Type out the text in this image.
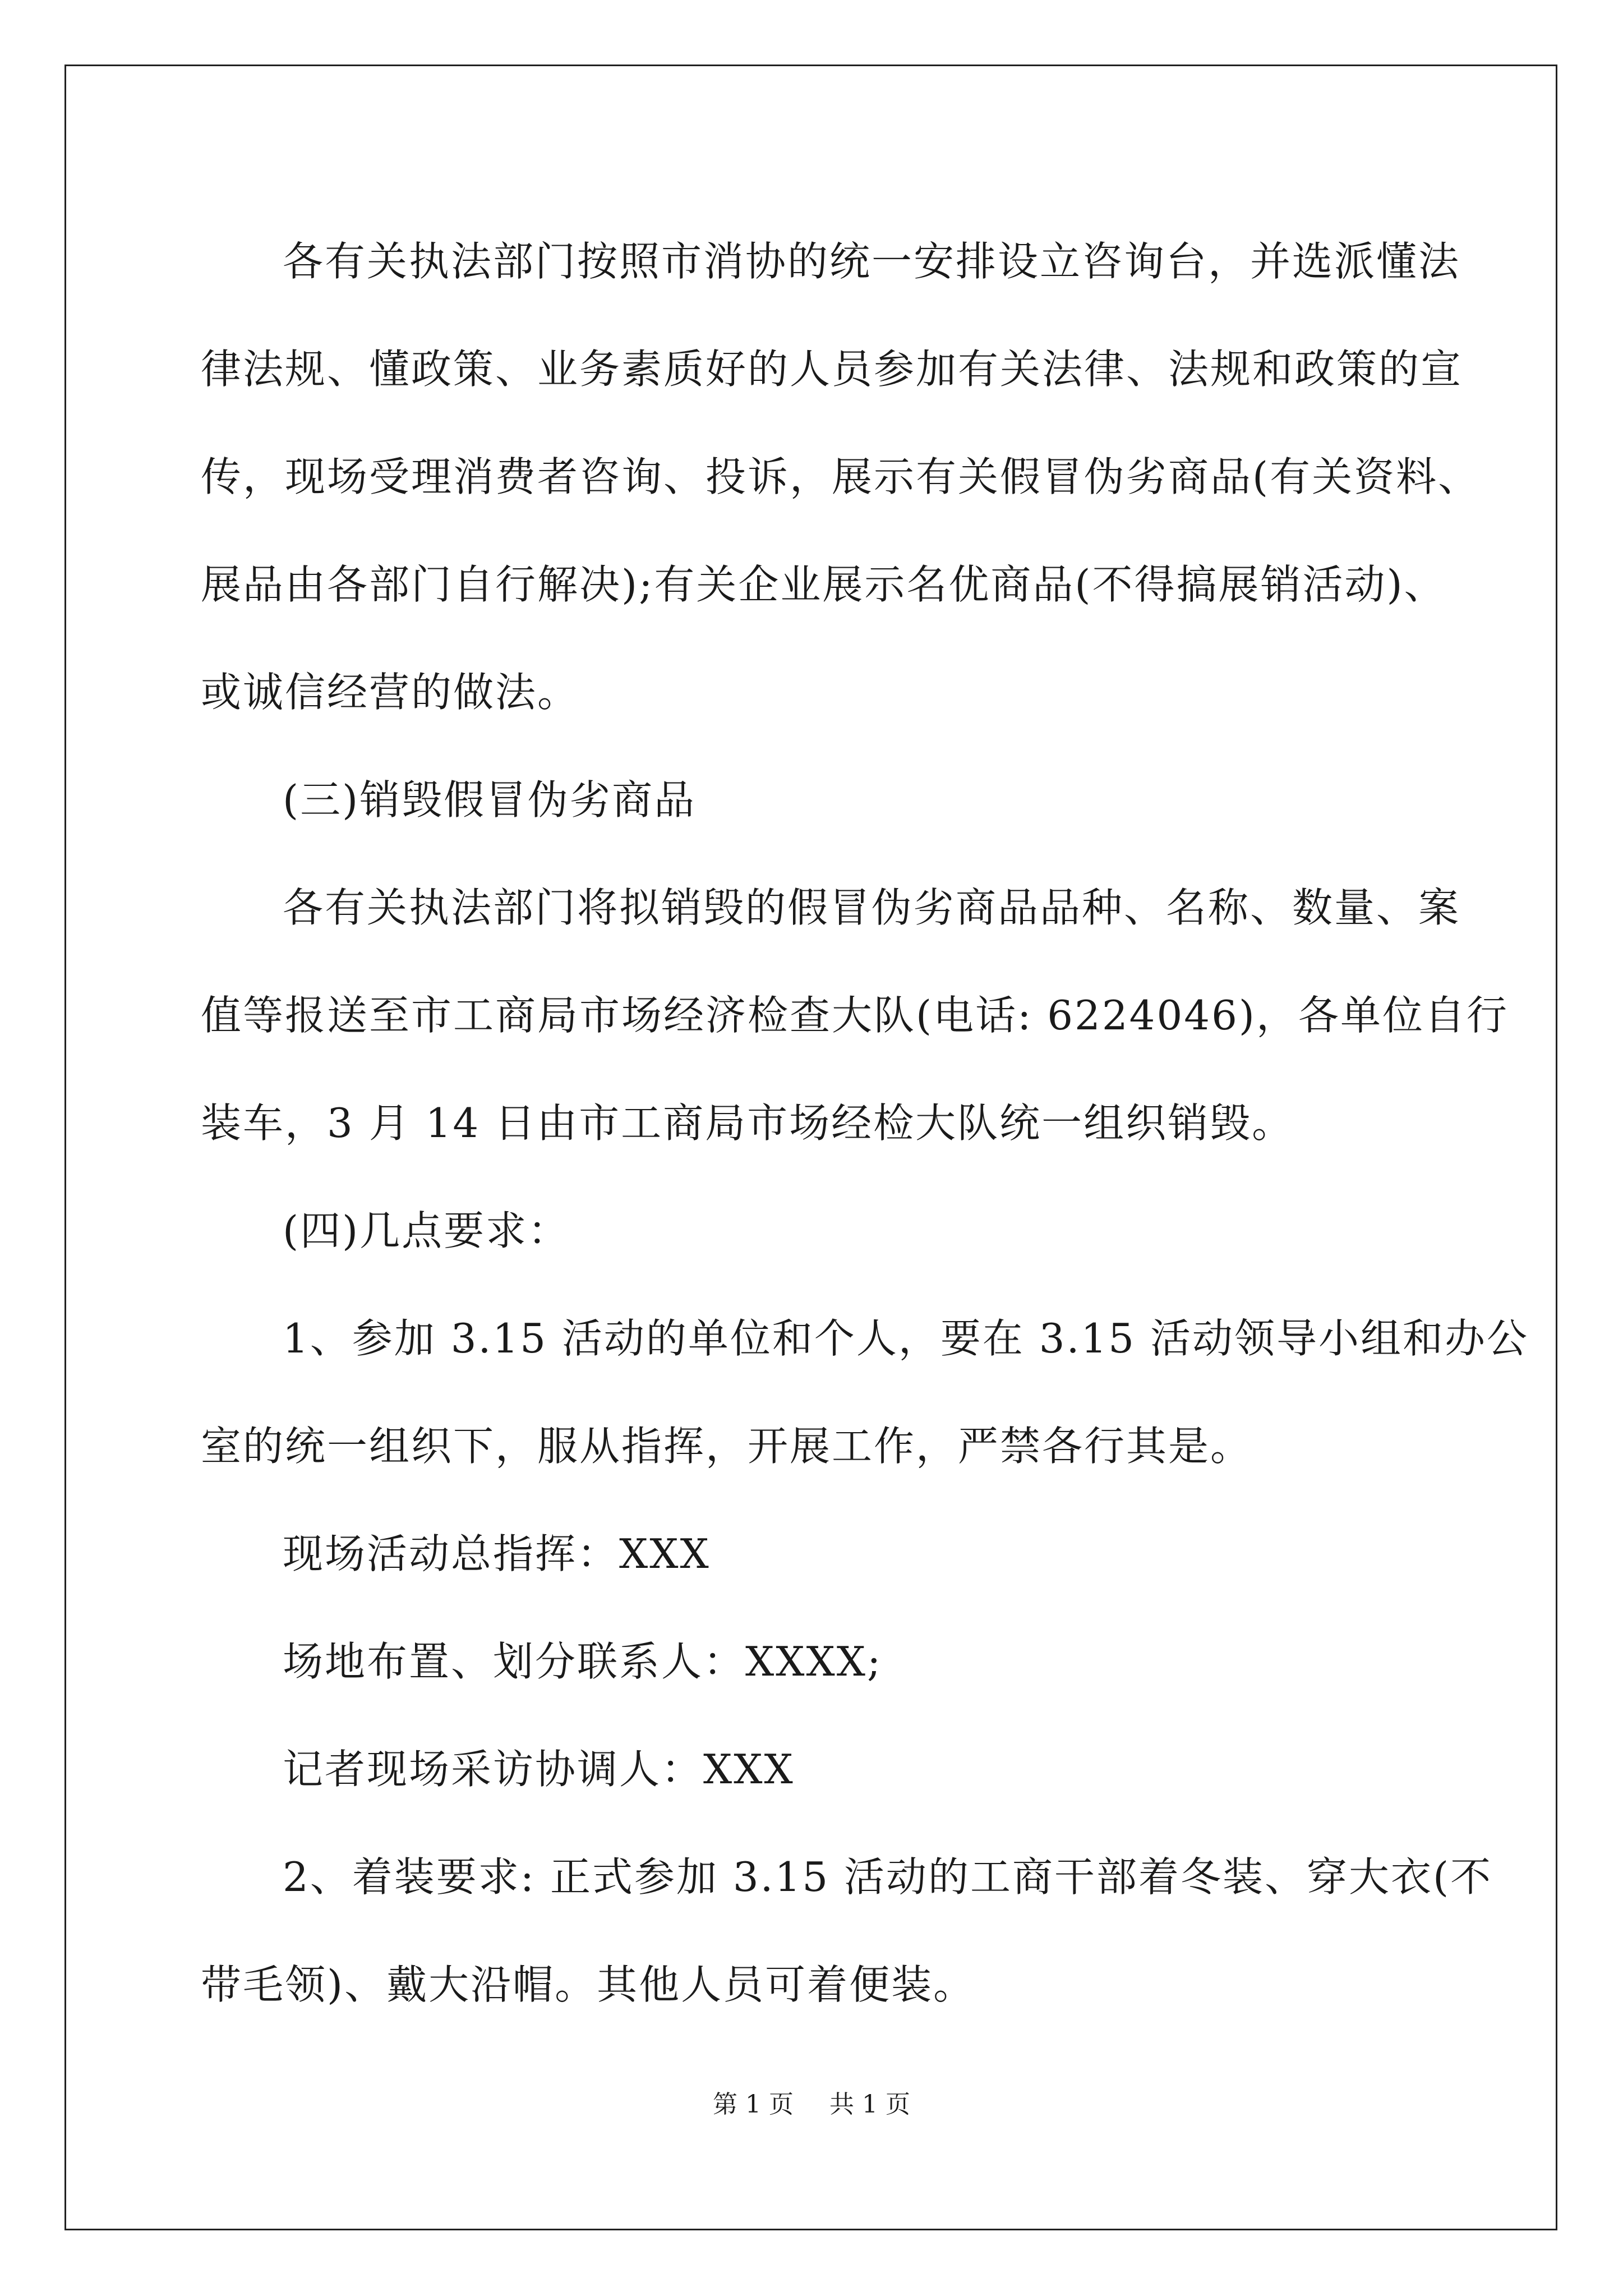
各有关执法部门按照市消协的统一安排设立咨询台，并选派懂法
律法规、懂政策、业务素质好的人员参加有关法律、法规和政策的宣
传，现场受理消费者咨询、投诉，展示有关假冒伪劣商品(有关资料、
展品由各部门自行解决);有关企业展示名优商品(不得搞展销活动)、
或诚信经营的做法。
(三)销毁假冒伪劣商品
各有关执法部门将拟销毁的假冒伪劣商品品种、名称、数量、案
值等报送至市工商局市场经济检查大队(电话: 6224046)，各单位自行
装车，3 月 14 日由市工商局市场经检大队统一组织销毁。
(四)几点要求：
1、参加 3.15 活动的单位和个人，要在 3.15 活动领导小组和办公
室的统一组织下，服从指挥，开展工作，严禁各行其是。
现场活动总指挥：XXX
场地布置、划分联系人：XXXX;
记者现场采访协调人：XXX
2、着装要求: 正式参加 3.15 活动的工商干部着冬装、穿大衣(不
带毛领)、戴大沿帽。其他人员可着便装。
第 1 页 共 1 页
